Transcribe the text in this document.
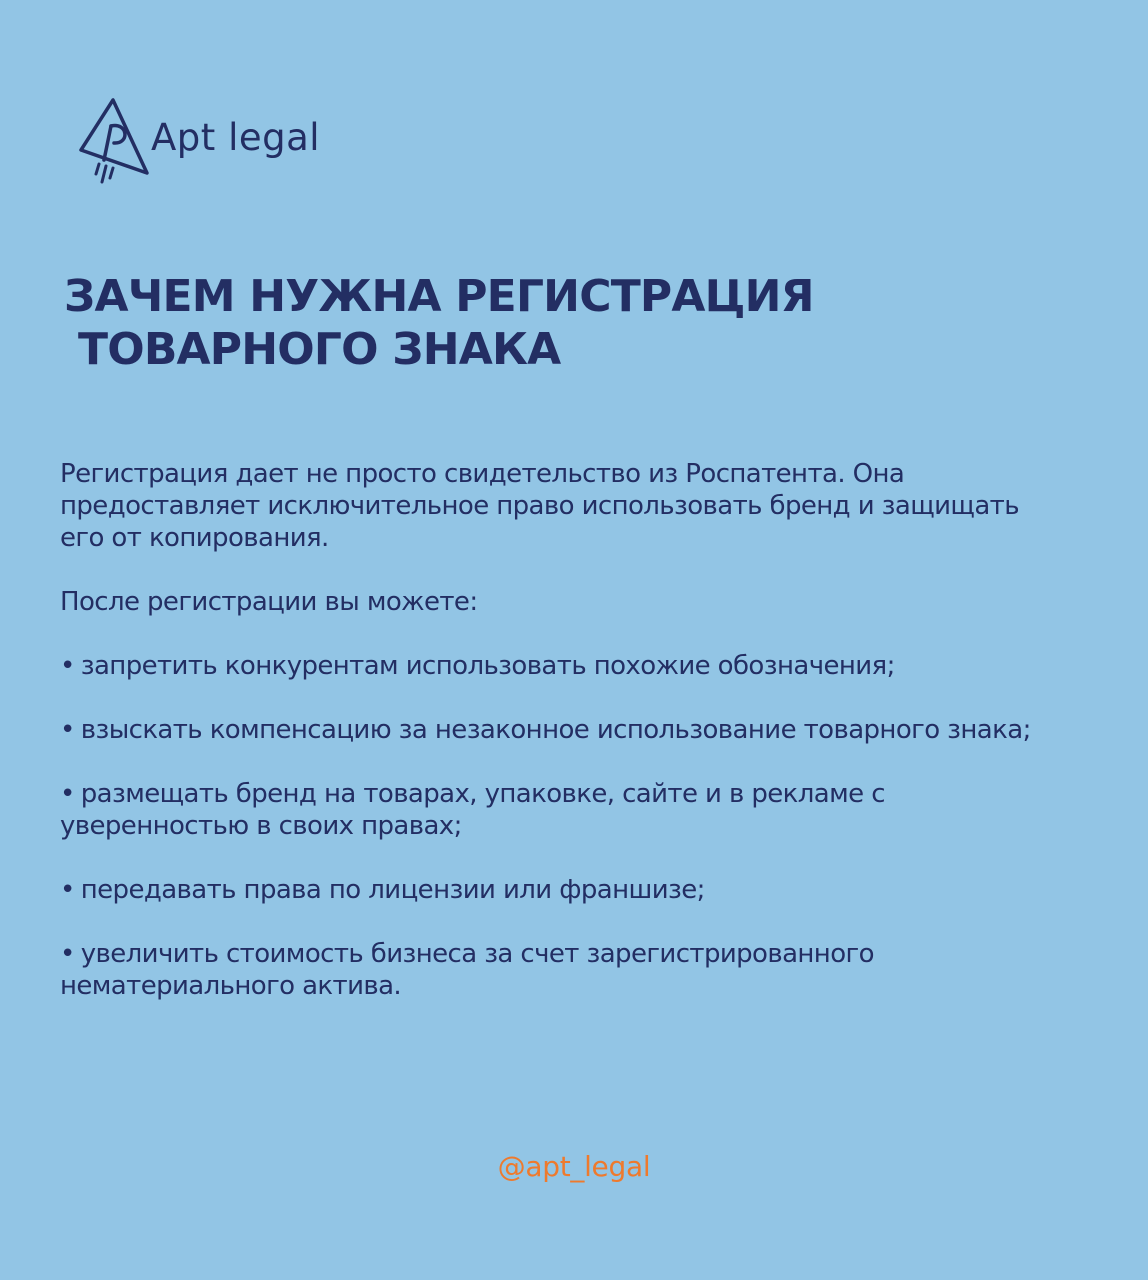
Apt legal
ЗАЧЕМ НУЖНА РЕГИСТРАЦИЯ
ТОВАРНОГО ЗНАКА

Регистрация дает не просто свидетельство из Роспатента. Она предоставляет исключительное право использовать бренд и защищать его от копирования.

После регистрации вы можете:

• запретить конкурентам использовать похожие обозначения;
• взыскать компенсацию за незаконное использование товарного знака;
• размещать бренд на товарах, упаковке, сайте и в рекламе с уверенностью в своих правах;
• передавать права по лицензии или франшизе;
• увеличить стоимость бизнеса за счет зарегистрированного нематериального актива.
@apt_legal
